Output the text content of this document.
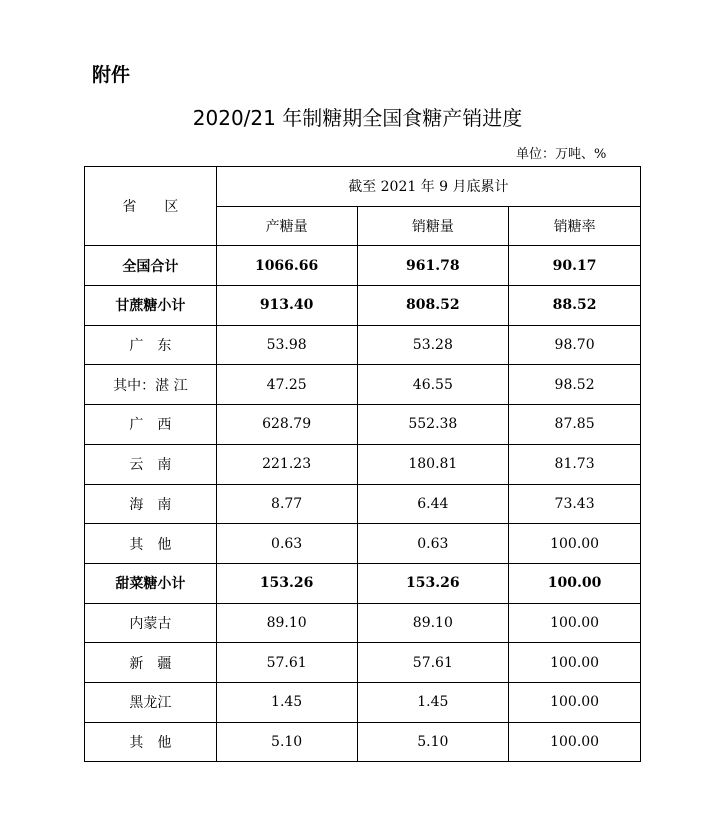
附件
2020/21 年制糖期全国食糖产销进度
单位：万吨、%
省　　区	截至 2021 年 9 月底累计		
	产糖量	销糖量	销糖率
全国合计	1066.66	961.78	90.17
甘蔗糖小计	913.40	808.52	88.52
广　东	53.98	53.28	98.70
其中：湛 江	47.25	46.55	98.52
广　西	628.79	552.38	87.85
云　南	221.23	180.81	81.73
海　南	8.77	6.44	73.43
其　他	0.63	0.63	100.00
甜菜糖小计	153.26	153.26	100.00
内蒙古	89.10	89.10	100.00
新　疆	57.61	57.61	100.00
黑龙江	1.45	1.45	100.00
其　他	5.10	5.10	100.00
